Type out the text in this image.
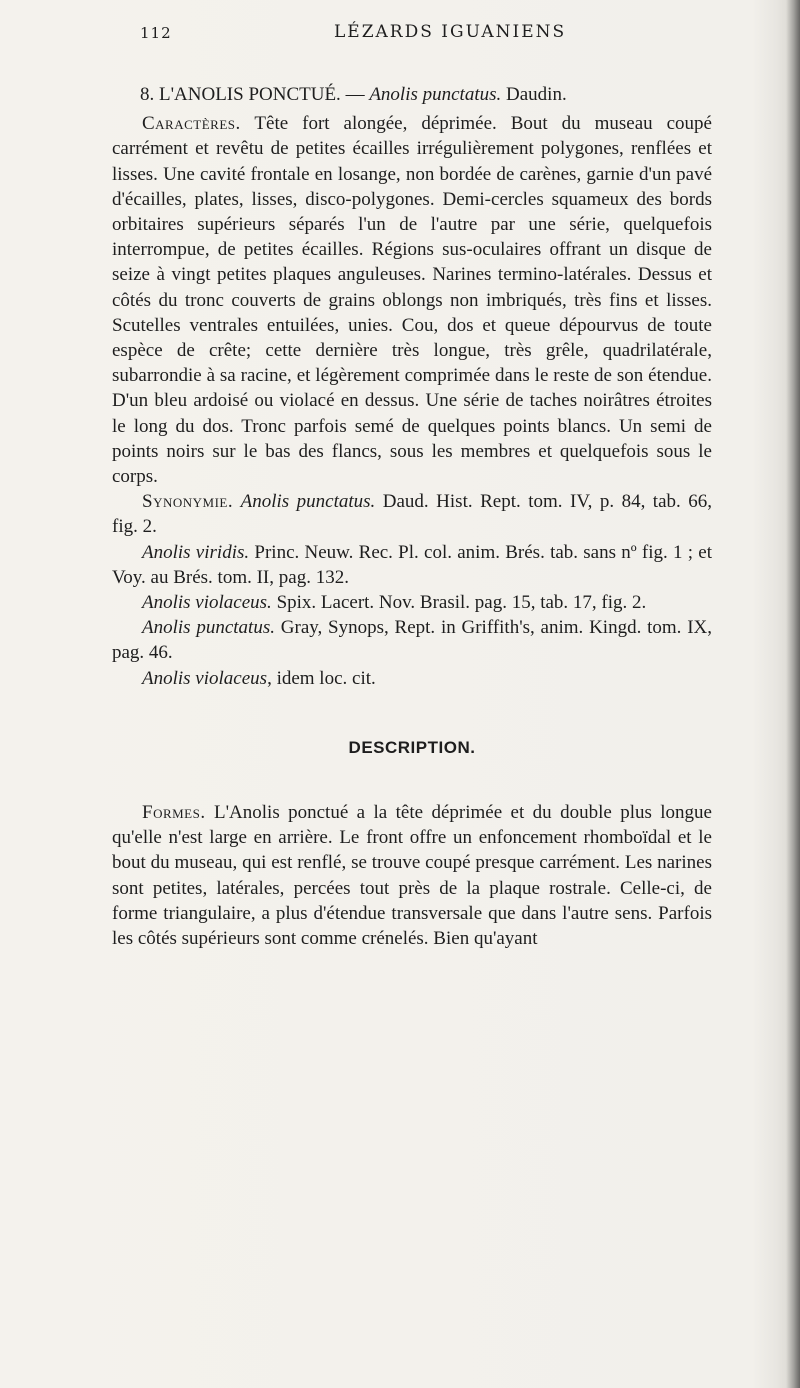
112	LÉZARDS IGUANIENS

8. L'ANOLIS PONCTUÉ. — Anolis punctatus. Daudin.

Caractères. Tête fort alongée, déprimée. Bout du museau coupé carrément et revêtu de petites écailles irrégulièrement polygones, renflées et lisses. Une cavité frontale en losange, non bordée de carènes, garnie d'un pavé d'écailles, plates, lisses, disco-polygones. Demi-cercles squameux des bords orbitaires supérieurs séparés l'un de l'autre par une série, quelquefois interrompue, de petites écailles. Régions sus-oculaires offrant un disque de seize à vingt petites plaques anguleuses. Narines termino-latérales. Dessus et côtés du tronc couverts de grains oblongs non imbriqués, très fins et lisses. Scutelles ventrales entuilées, unies. Cou, dos et queue dépourvus de toute espèce de crête; cette dernière très longue, très grêle, quadrilatérale, subarrondie à sa racine, et légèrement comprimée dans le reste de son étendue. D'un bleu ardoisé ou violacé en dessus. Une série de taches noirâtres étroites le long du dos. Tronc parfois semé de quelques points blancs. Un semi de points noirs sur le bas des flancs, sous les membres et quelquefois sous le corps.

Synonymie. Anolis punctatus. Daud. Hist. Rept. tom. IV, p. 84, tab. 66, fig. 2.

Anolis viridis. Princ. Neuw. Rec. Pl. col. anim. Brés. tab. sans nº fig. 1 ; et Voy. au Brés. tom. II, pag. 132.

Anolis violaceus. Spix. Lacert. Nov. Brasil. pag. 15, tab. 17, fig. 2.

Anolis punctatus. Gray, Synops, Rept. in Griffith's, anim. Kingd. tom. IX, pag. 46.

Anolis violaceus, idem loc. cit.

DESCRIPTION.

Formes. L'Anolis ponctué a la tête déprimée et du double plus longue qu'elle n'est large en arrière. Le front offre un enfoncement rhomboïdal et le bout du museau, qui est renflé, se trouve coupé presque carrément. Les narines sont petites, latérales, percées tout près de la plaque rostrale. Celle-ci, de forme triangulaire, a plus d'étendue transversale que dans l'autre sens. Parfois les côtés supérieurs sont comme crénelés. Bien qu'ayant
